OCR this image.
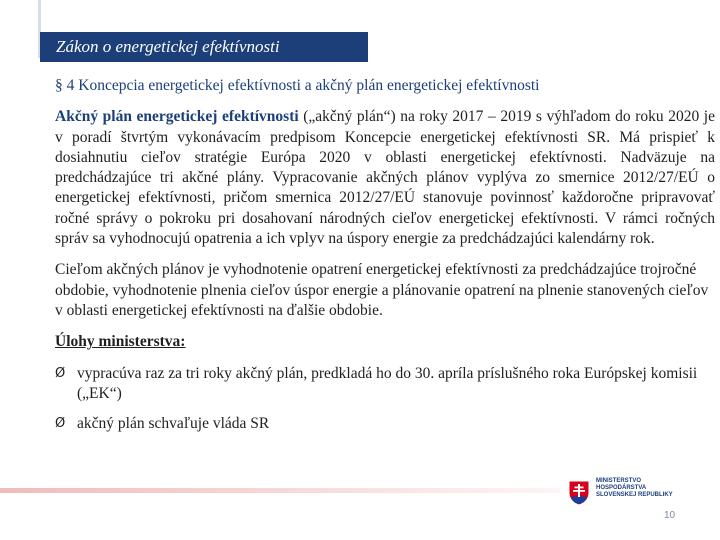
Zákon o energetickej efektívnosti
§ 4 Koncepcia energetickej efektívnosti a akčný plán energetickej efektívnosti

Akčný plán energetickej efektívnosti („akčný plán“) na roky 2017 – 2019 s výhľadom do roku 2020 je v poradí štvrtým vykonávacím predpisom Koncepcie energetickej efektívnosti SR. Má prispieť k dosiahnutiu cieľov stratégie Európa 2020 v oblasti energetickej efektívnosti. Nadväzuje na predchádzajúce tri akčné plány. Vypracovanie akčných plánov vyplýva zo smernice 2012/27/EÚ o energetickej efektívnosti, pričom smernica 2012/27/EÚ stanovuje povinnosť každoročne pripravovať ročné správy o pokroku pri dosahovaní národných cieľov energetickej efektívnosti. V rámci ročných správ sa vyhodnocujú opatrenia a ich vplyv na úspory energie za predchádzajúci kalendárny rok.

Cieľom akčných plánov je vyhodnotenie opatrení energetickej efektívnosti za predchádzajúce trojročné obdobie, vyhodnotenie plnenia cieľov úspor energie a plánovanie opatrení na plnenie stanovených cieľov v oblasti energetickej efektívnosti na ďalšie obdobie.

Úlohy ministerstva:
Ø vypracúva raz za tri roky akčný plán, predkladá ho do 30. apríla príslušného roka Európskej komisii („EK“)
Ø akčný plán schvaľuje vláda SR
MINISTERSTVO
HOSPODÁRSTVA
SLOVENSKEJ REPUBLIKY
10
